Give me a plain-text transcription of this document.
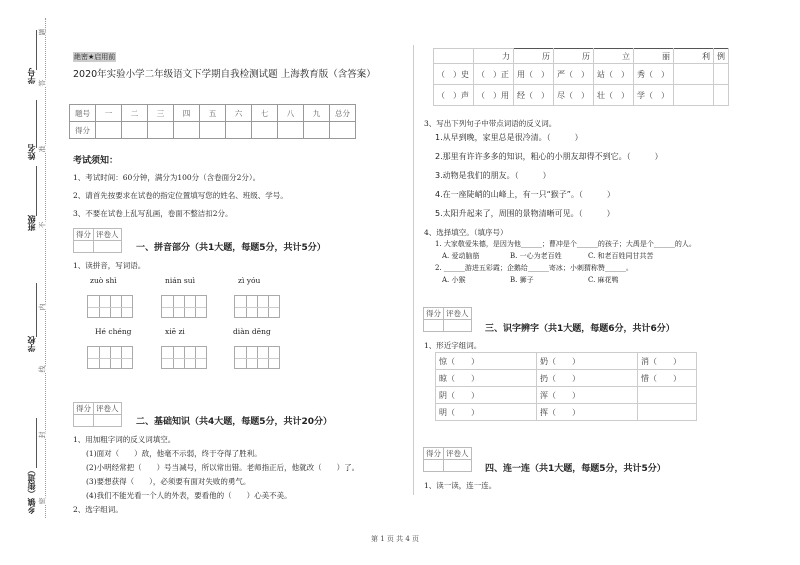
学号
姓名
班级
学校
乡镇（街道）
题
答
准
不
内
线
封
密
絶密★启用前
2020年实验小学二年级语文下学期自我检测试题 上海教育版（含答案）
题号	一	二	三	四	五	六	七	八	九	总分
得分										
考试须知：
1、考试时间：60分钟，满分为100分（含卷面分2分）。
2、请首先按要求在试卷的指定位置填写您的姓名、班级、学号。
3、不要在试卷上乱写乱画，卷面不整洁扣2分。
得分	评卷人

一、拼音部分（共1大题，每题5分，共计5分）
1、读拼音，写词语。
zuò shì	nián suì	zì yóu
Hé chéng	xiē zi	diàn dēng
得分	评卷人

二、基础知识（共4大题，每题5分，共计20分）
1、用加粗字词的反义词填空。
(1)面对（　　）敌，他毫不示弱，终于夺得了胜利。
(2)小明经常把（　　）号当减号，所以常出错。老师指正后，他就改（　　）了。
(3)要想获得（　　），必须要有面对失败的勇气。
(4)我们不能光看一个人的外表，要看他的（　　）心美不美。
2、选字组词。
	力	历	历	立	丽	利	例
（　）史	（　）正	用（　）	严（　）	站（　）	秀（　）		
（　）声	（　）用	经（　）	尽（　）	壮（　）	学（　）		
3、写出下列句子中带点词语的反义词。
1.从早到晚，家里总是很冷清。（　　　）
2.那里有许许多多的知识，粗心的小朋友却得不到它。（　　　）
3.动物是我们的朋友。（　　　）
4.在一座陡峭的山峰上，有一只“猴子”。（　　　）
5.太阳升起来了，周围的景物清晰可见。（　　　）
4、选择填空。（填序号）
1. 大家敬爱朱德，是因为他______；曹冲是个______的孩子；大禹是个______的人。
A. 爱动脑筋	B. 一心为老百姓	C. 和老百姓同甘共苦
2. ______游进五彩霞；企鹅给______寄冰；小刺猬称赞______。
A. 小猴	B. 狮子	C. 麻花鸭
得分	评卷人

三、识字辨字（共1大题，每题6分，共计6分）
1、形近字组词。
惊（　　）	奶（　　）	消（　　）
晾（　　）	扔（　　）	惜（　　）
阴（　　）	浑（　　）	
明（　　）	挥（　　）	
得分	评卷人

四、连一连（共1大题，每题5分，共计5分）
1、读一读，连一连。
第 1 页 共 4 页
